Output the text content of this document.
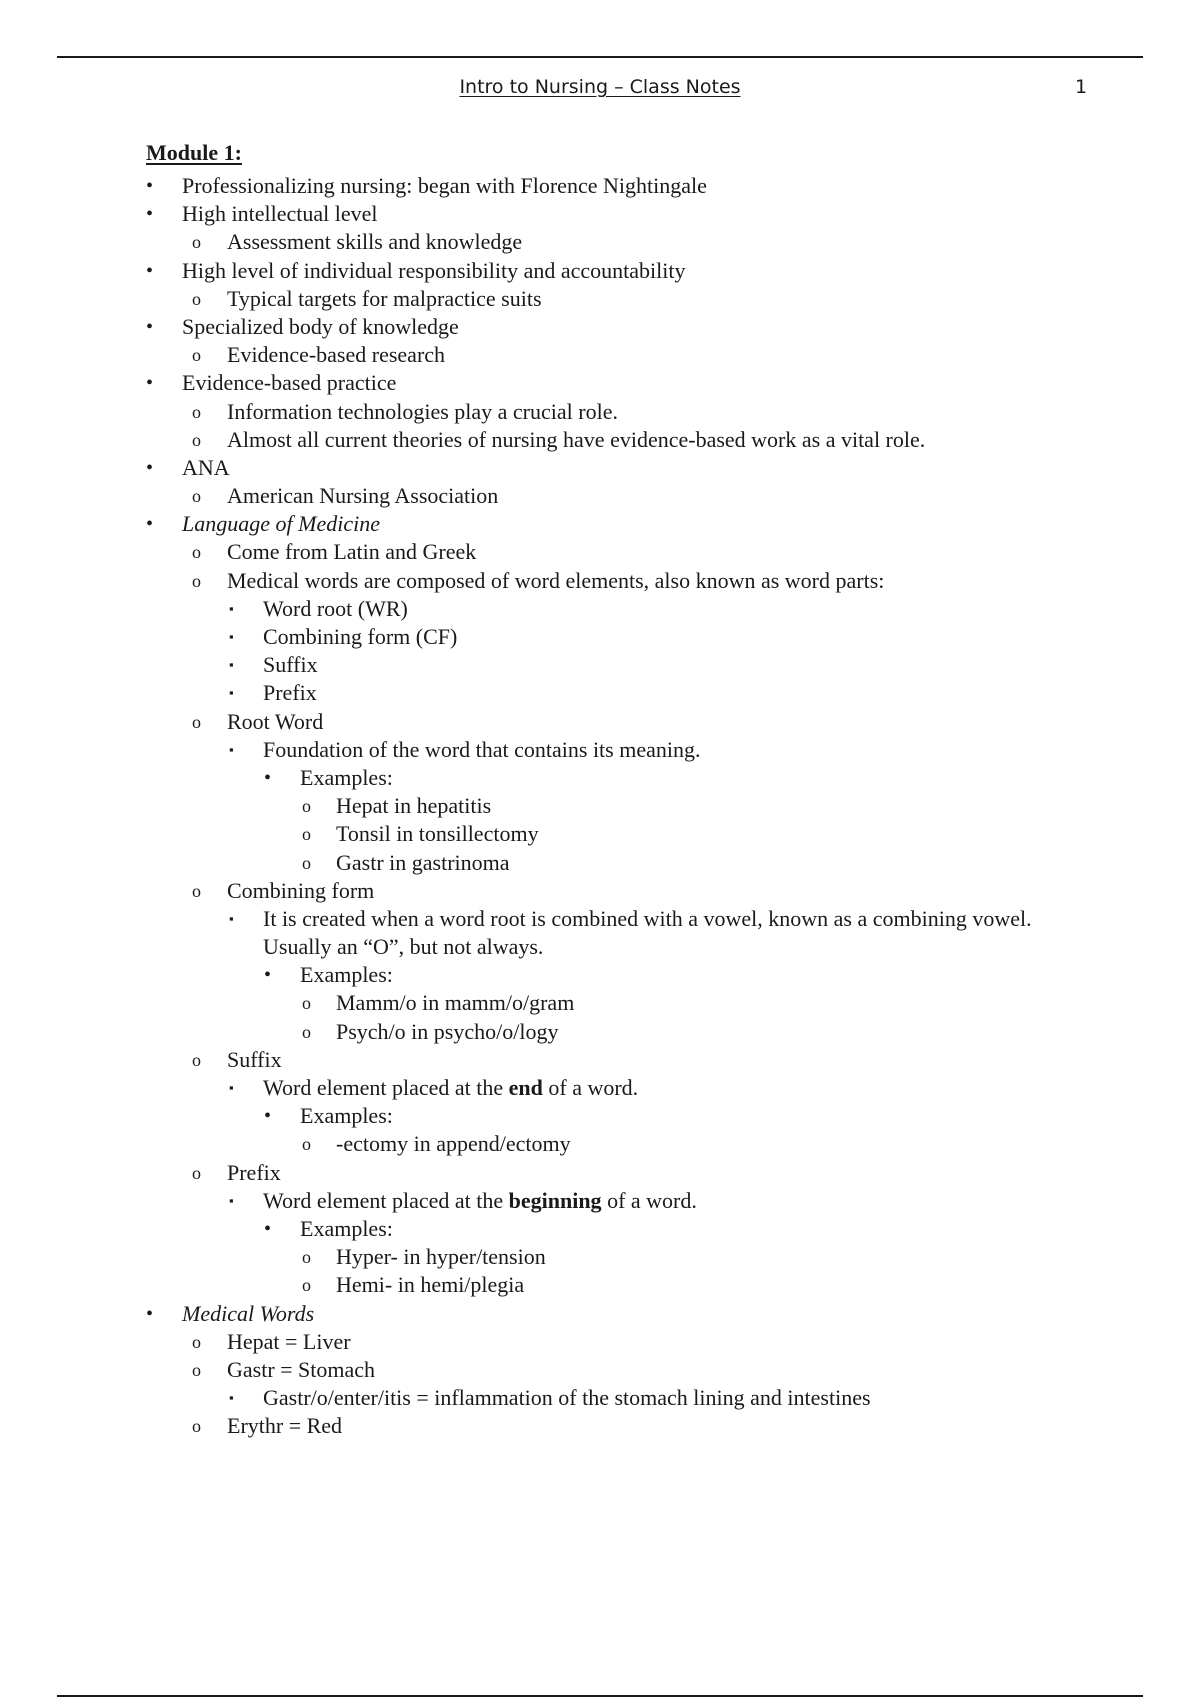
Intro to Nursing – Class Notes	1
Module 1:
• Professionalizing nursing: began with Florence Nightingale
• High intellectual level
o Assessment skills and knowledge
• High level of individual responsibility and accountability
o Typical targets for malpractice suits
• Specialized body of knowledge
o Evidence-based research
• Evidence-based practice
o Information technologies play a crucial role.
o Almost all current theories of nursing have evidence-based work as a vital role.
• ANA
o American Nursing Association
• Language of Medicine
o Come from Latin and Greek
o Medical words are composed of word elements, also known as word parts:
▪ Word root (WR)
▪ Combining form (CF)
▪ Suffix
▪ Prefix
o Root Word
▪ Foundation of the word that contains its meaning.
• Examples:
o Hepat in hepatitis
o Tonsil in tonsillectomy
o Gastr in gastrinoma
o Combining form
▪ It is created when a word root is combined with a vowel, known as a combining vowel. Usually an “O”, but not always.
• Examples:
o Mamm/o in mamm/o/gram
o Psych/o in psycho/o/logy
o Suffix
▪ Word element placed at the end of a word.
• Examples:
o -ectomy in append/ectomy
o Prefix
▪ Word element placed at the beginning of a word.
• Examples:
o Hyper- in hyper/tension
o Hemi- in hemi/plegia
• Medical Words
o Hepat = Liver
o Gastr = Stomach
▪ Gastr/o/enter/itis = inflammation of the stomach lining and intestines
o Erythr = Red
